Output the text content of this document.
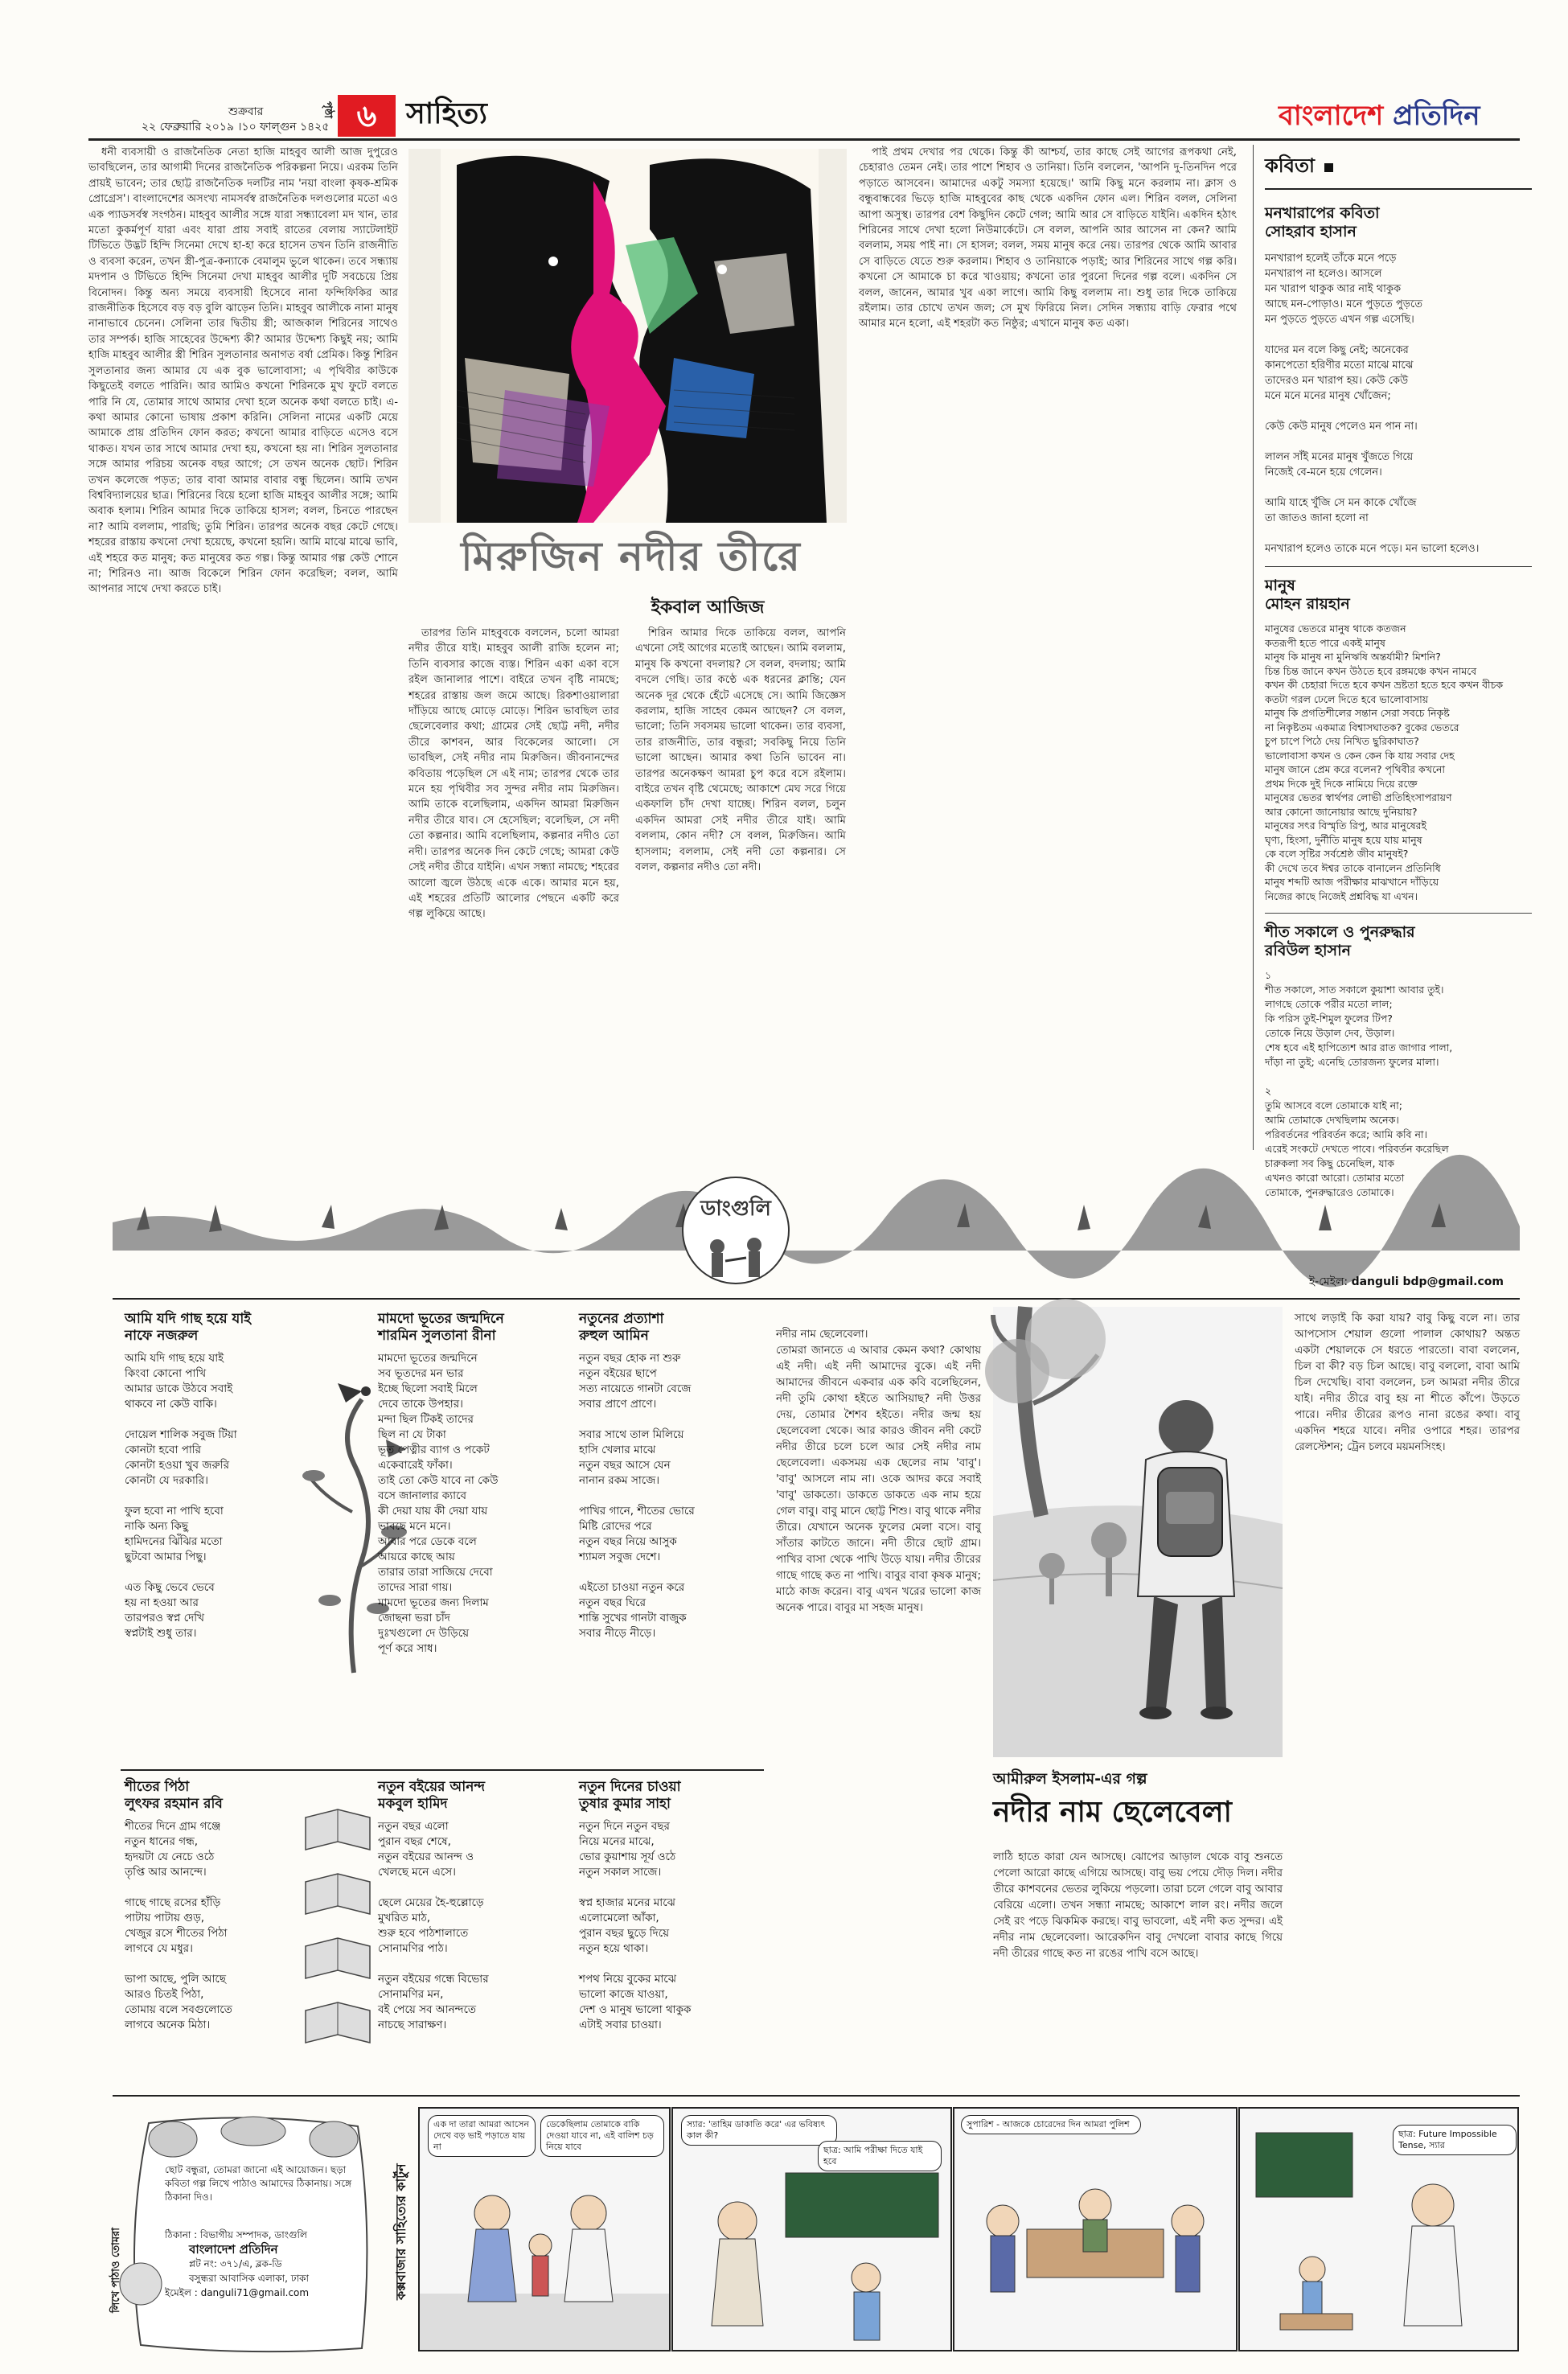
শুক্রবার
২২ ফেব্রুয়ারি ২০১৯ ।১০ ফাল্গুন ১৪২৫
পৃষ্ঠা ৬	সাহিত্য	বাংলাদেশ প্রতিদিন

ধনী ব্যবসায়ী ও রাজনৈতিক নেতা হাজি মাহবুব আলী আজ দুপুরেও ভাবছিলেন, তার আগামী দিনের রাজনৈতিক পরিকল্পনা নিয়ে। এরকম তিনি প্রায়ই ভাবেন; তার ছোট্ট রাজনৈতিক দলটির নাম 'নয়া বাংলা কৃষক-শ্রমিক প্রোগ্রেস'। বাংলাদেশের অসংখ্য নামসর্বস্ব রাজনৈতিক দলগুলোর মতো এও এক প্যাডসর্বস্ব সংগঠন। মাহবুব আলীর সঙ্গে যারা সন্ধ্যাবেলা মদ খান, তার মতো কুকর্মপূর্ণ যারা এবং যারা প্রায় সবাই রাতের বেলায় স্যাটেলাইট টিভিতে উদ্ভট হিন্দি সিনেমা দেখে হা-হা করে হাসেন তখন তিনি রাজনীতি ও ব্যবসা করেন, তখন স্ত্রী-পুত্র-কন্যাকে বেমালুম ভুলে থাকেন। তবে সন্ধ্যায় মদপান ও টিভিতে হিন্দি সিনেমা দেখা মাহবুব আলীর দুটি সবচেয়ে প্রিয় বিনোদন। কিন্তু অন্য সময়ে ব্যবসায়ী হিসেবে নানা ফন্দিফিকির আর রাজনীতিক হিসেবে বড় বড় বুলি ঝাড়েন তিনি। মাহবুব আলীকে নানা মানুষ নানাভাবে চেনেন। সেলিনা তার দ্বিতীয় স্ত্রী; আজকাল শিরিনের সাথেও তার সম্পর্ক। হাজি সাহেবের উদ্দেশ্য কী? আমার উদ্দেশ্য কিছুই নয়; আমি হাজি মাহবুব আলীর স্ত্রী শিরিন সুলতানার অনাগত বর্ষা প্রেমিক। কিন্তু শিরিন সুলতানার জন্য আমার যে এক বুক ভালোবাসা; এ পৃথিবীর কাউকে কিছুতেই বলতে পারিনি। আর আমিও কখনো শিরিনকে মুখ ফুটে বলতে পারি নি যে, তোমার সাথে আমার দেখা হলে অনেক কথা বলতে চাই। এ-কথা আমার কোনো ভাষায় প্রকাশ করিনি। সেলিনা নামের একটি মেয়ে আমাকে প্রায় প্রতিদিন ফোন করত; কখনো আমার বাড়িতে এসেও বসে থাকত। যখন তার সাথে আমার দেখা হয়, কখনো হয় না। শিরিন সুলতানার সঙ্গে আমার পরিচয় অনেক বছর আগে; সে তখন অনেক ছোট। শিরিন তখন কলেজে পড়ত; তার বাবা আমার বাবার বন্ধু ছিলেন। আমি তখন বিশ্ববিদ্যালয়ের ছাত্র। শিরিনের বিয়ে হলো হাজি মাহবুব আলীর সঙ্গে; আমি অবাক হলাম। শিরিন আমার দিকে তাকিয়ে হাসল; বলল, চিনতে পারছেন না? আমি বললাম, পারছি; তুমি শিরিন। তারপর অনেক বছর কেটে গেছে। শহরের রাস্তায় কখনো দেখা হয়েছে, কখনো হয়নি। আমি মাঝে মাঝে ভাবি, এই শহরে কত মানুষ; কত মানুষের কত গল্প। কিন্তু আমার গল্প কেউ শোনে না; শিরিনও না। আজ বিকেলে শিরিন ফোন করেছিল; বলল, আমি আপনার সাথে দেখা করতে চাই।

মিরুজিন নদীর তীরে
ইকবাল আজিজ

তারপর তিনি মাহবুবকে বললেন, চলো আমরা নদীর তীরে যাই। মাহবুব আলী রাজি হলেন না; তিনি ব্যবসার কাজে ব্যস্ত। শিরিন একা একা বসে রইল জানালার পাশে। বাইরে তখন বৃষ্টি নামছে; শহরের রাস্তায় জল জমে আছে। রিকশাওয়ালারা দাঁড়িয়ে আছে মোড়ে মোড়ে। শিরিন ভাবছিল তার ছেলেবেলার কথা; গ্রামের সেই ছোট্ট নদী, নদীর তীরে কাশবন, আর বিকেলের আলো। সে ভাবছিল, সেই নদীর নাম মিরুজিন। জীবনানন্দের কবিতায় পড়েছিল সে এই নাম; তারপর থেকে তার মনে হয় পৃথিবীর সব সুন্দর নদীর নাম মিরুজিন। আমি তাকে বলেছিলাম, একদিন আমরা মিরুজিন নদীর তীরে যাব। সে হেসেছিল; বলেছিল, সে নদী তো কল্পনার। আমি বলেছিলাম, কল্পনার নদীও তো নদী। তারপর অনেক দিন কেটে গেছে; আমরা কেউ সেই নদীর তীরে যাইনি। এখন সন্ধ্যা নামছে; শহরের আলো জ্বলে উঠছে একে একে। আমার মনে হয়, এই শহরের প্রতিটি আলোর পেছনে একটি করে গল্প লুকিয়ে আছে।

শিরিন আমার দিকে তাকিয়ে বলল, আপনি এখনো সেই আগের মতোই আছেন। আমি বললাম, মানুষ কি কখনো বদলায়? সে বলল, বদলায়; আমি বদলে গেছি। তার কণ্ঠে এক ধরনের ক্লান্তি; যেন অনেক দূর থেকে হেঁটে এসেছে সে। আমি জিজ্ঞেস করলাম, হাজি সাহেব কেমন আছেন? সে বলল, ভালো; তিনি সবসময় ভালো থাকেন। তার ব্যবসা, তার রাজনীতি, তার বন্ধুরা; সবকিছু নিয়ে তিনি ভালো আছেন। আমার কথা তিনি ভাবেন না। তারপর অনেকক্ষণ আমরা চুপ করে বসে রইলাম। বাইরে তখন বৃষ্টি থেমেছে; আকাশে মেঘ সরে গিয়ে একফালি চাঁদ দেখা যাচ্ছে। শিরিন বলল, চলুন একদিন আমরা সেই নদীর তীরে যাই। আমি বললাম, কোন নদী? সে বলল, মিরুজিন। আমি হাসলাম; বললাম, সেই নদী তো কল্পনার। সে বলল, কল্পনার নদীও তো নদী।

পাই প্রথম দেখার পর থেকে। কিন্তু কী আশ্চর্য, তার কাছে সেই আগের রূপকথা নেই, চেহারাও তেমন নেই। তার পাশে শিহাব ও তানিয়া। তিনি বললেন, 'আপনি দু-তিনদিন পরে পড়াতে আসবেন। আমাদের একটু সমস্যা হয়েছে।' আমি কিছু মনে করলাম না। ক্লাস ও বন্ধুবান্ধবের ভিড়ে হাজি মাহবুবের কাছ থেকে একদিন ফোন এল। শিরিন বলল, সেলিনা আপা অসুস্থ। তারপর বেশ কিছুদিন কেটে গেল; আমি আর সে বাড়িতে যাইনি। একদিন হঠাৎ শিরিনের সাথে দেখা হলো নিউমার্কেটে। সে বলল, আপনি আর আসেন না কেন? আমি বললাম, সময় পাই না। সে হাসল; বলল, সময় মানুষ করে নেয়। তারপর থেকে আমি আবার সে বাড়িতে যেতে শুরু করলাম। শিহাব ও তানিয়াকে পড়াই; আর শিরিনের সাথে গল্প করি। কখনো সে আমাকে চা করে খাওয়ায়; কখনো তার পুরনো দিনের গল্প বলে। একদিন সে বলল, জানেন, আমার খুব একা লাগে। আমি কিছু বললাম না। শুধু তার দিকে তাকিয়ে রইলাম। তার চোখে তখন জল; সে মুখ ফিরিয়ে নিল। সেদিন সন্ধ্যায় বাড়ি ফেরার পথে আমার মনে হলো, এই শহরটা কত নিষ্ঠুর; এখানে মানুষ কত একা।

কবিতা
মনখারাপের কবিতা
সোহরাব হাসান
মনখারাপ হলেই তাঁকে মনে পড়ে
মনখারাপ না হলেও। আসলে
মন খারাপ থাকুক আর নাই থাকুক
আছে মন-পোড়াও। মনে পুড়তে পুড়তে
মন পুড়তে পুড়তে এখন গল্প এসেছি।

যাদের মন বলে কিছু নেই; অনেকের
কানপেতো হরিণীর মতো মাঝে মাঝে
তাদেরও মন খারাপ হয়। কেউ কেউ
মনে মনে মনের মানুষ খোঁজেন;

কেউ কেউ মানুষ পেলেও মন পান না।

লালন সাঁই মনের মানুষ খুঁজতে গিয়ে
নিজেই বে-মনে হয়ে গেলেন।

আমি যাহে খুঁজি সে মন কাকে খোঁজে
তা জাতও জানা হলো না

মনখারাপ হলেও তাকে মনে পড়ে। মন ভালো হলেও।
মানুষ
মোহন রায়হান
মানুষের ভেতরে মানুষ থাকে কতজন
কতরূপী হতে পারে একই মানুষ
মানুষ কি মানুষ না মুনিঋষি অন্তর্যামী? মিশনি?
চিন্ত চিন্ত জানে কখন উঠতে হবে রঙ্গমঞ্চে কখন নামবে
কখন কী চেহারা দিতে হবে কখন ভ্রষ্টতা হতে হবে কখন বীচক
কতটা গরল ঢেলে দিতে হবে ভালোবাসায়
মানুষ কি প্রগতিশীলের সন্তান সেরা সবচে নিকৃষ্ট
না নিকৃষ্টতম একমাত্র বিশ্বাসঘাতক? বুকের ভেতরে
চুপ চাপে পিঠে দেয় নিখিত ছুরিকাঘাত?
ভালোবাসা কখন ও কেন কেন কি যায় সবার দেহ
মানুষ জানে প্রেম করে বলেন? পৃথিবীর কখনো
প্রথম দিকে দুই দিকে নামিয়ে দিয়ে রক্তে
মানুষের ভেতর স্বার্থপর লোভী প্রতিহিংসাপরায়ণ
আর কোনো জানোয়ার আছে দুনিয়ায়?
মানুষের সৎর বিস্মৃতি রিপু, আর মানুষেরই
ঘৃণ্য, হিংসা, দুর্নীতি মানুষ হয়ে যায় মানুষ
কে বলে সৃষ্টির সর্বশ্রেষ্ঠ জীব মানুষই?
কী দেখে তবে ঈশ্বর তাকে বানালেন প্রতিনিধি
মানুষ শব্দটি আজ পরীক্ষার মাঝখানে দাঁড়িয়ে
নিজের কাছে নিজেই প্রশ্নবিদ্ধ যা এখন।
শীত সকালে ও পুনরুদ্ধার
রবিউল হাসান
১
শীত সকালে, সাত সকালে কুয়াশা আবার তুই।
লাগছে তোকে পরীর মতো লাল;
কি পরিস তুই-শিমুল ফুলের টিপ?
তোকে নিয়ে উড়াল দেব, উড়াল।
শেষ হবে এই হাপিত্যেশ আর রাত জাগার পালা,
দাঁড়া না তুই; এনেছি তোরজন্য ফুলের মালা।

২
তুমি আসবে বলে তোমাকে যাই না;
আমি তোমাকে দেখছিলাম অনেক।
পরিবর্তনের পরিবর্তন করে; আমি কবি না।
এরেই সংকটে দেখতে পাবে। পরিবর্তন করেছিল
চারুকলা সব কিছু চেনেছিল, যাক
এখনও কারো আরো। তোমার মতো
তোমাকে, পুনরুদ্ধারেও তোমাকে।
ডাংগুলি
ই-মেইল: danguli bdp@gmail.com
আমি যদি গাছ হয়ে যাই
নাফে নজরুল
আমি যদি গাছ হয়ে যাই
কিংবা কোনো পাখি
আমার ডাকে উঠবে সবাই
থাকবে না কেউ বাকি।

দোয়েল শালিক সবুজ টিয়া
কোনটা হবো পারি
কোনটা হওয়া খুব জরুরি
কোনটা যে দরকারি।

ফুল হবো না পাখি হবো
নাকি অন্য কিছু
হামিদনের ঝিঁঝির মতো
ছুটবো আমার পিছু।

এত কিছু ভেবে ভেবে
হয় না হওয়া আর
তারপরও স্বপ্ন দেখি
স্বপ্নটাই শুধু তার।
মামদো ভূতের জন্মদিনে
শারমিন সুলতানা রীনা
মামদো ভূতের জন্মদিনে
সব ভূতদের মন ভার
ইচ্ছে ছিলো সবাই মিলে
দেবে তাকে উপহার।
মন্দা ছিল টিকই তাদের
ছিল না যে টাকা
ভূত পেত্নীর ব্যাগ ও পকেট
একেবারেই ফাঁকা।
তাই তো কেউ যাবে না কেউ
বসে জানালার ক্যাবে
কী দেয়া যায় কী দেয়া যায়
ভাবছে মনে মনে।
আবার পরে ডেকে বলে
আয়রে কাছে আয়
তারার তারা সাজিয়ে দেবো
তাদের সারা গায়।
মামদো ভূতের জন্য দিলাম
জোছনা ভরা চাঁদ
দুঃখগুলো দে উড়িয়ে
পূর্ণ করে সাধ।
নতুনের প্রত্যাশা
রুহুল আমিন
নতুন বছর হোক না শুরু
নতুন বইয়ের ছাপে
সত্য নায়েতে গানটা বেজে
সবার প্রাণে প্রাণে।

সবার সাথে তাল মিলিয়ে
হাসি খেলার মাঝে
নতুন বছর আসে যেন
নানান রকম সাজে।

পাখির গানে, শীতের ভোরে
মিষ্টি রোদের পরে
নতুন বছর নিয়ে আসুক
শ্যামল সবুজ দেশে।

এইতো চাওয়া নতুন করে
নতুন বছর ঘিরে
শান্তি সুখের গানটা বাজুক
সবার নীড়ে নীড়ে।
শীতের পিঠা
লুৎফর রহমান রবি
শীতের দিনে গ্রাম গঞ্জে
নতুন ধানের গন্ধ,
হৃদয়টা যে নেচে ওঠে
তৃপ্তি আর আনন্দে।

গাছে গাছে রসের হাঁড়ি
পাটায় পাটায় গুড়,
খেজুর রসে শীতের পিঠা
লাগবে যে মধুর।

ভাপা আছে, পুলি আছে
আরও চিতই পিঠা,
তোমায় বলে সবগুলোতে
লাগবে অনেক মিঠা।
নতুন বইয়ের আনন্দ
মকবুল হামিদ
নতুন বছর এলো
পুরান বছর শেষে,
নতুন বইয়ের আনন্দ ও
খেলছে মনে এসে।

ছেলে মেয়ের হৈ-হুল্লোড়ে
মুখরিত মাঠ,
শুরু হবে পাঠশালাতে
সোনামণির পাঠ।

নতুন বইয়ের গন্ধে বিভোর
সোনামণির মন,
বই পেয়ে সব আনন্দতে
নাচছে সারাক্ষণ।
নতুন দিনের চাওয়া
তুষার কুমার সাহা
নতুন দিনে নতুন বছর
নিয়ে মনের মাঝে,
ভোর কুয়াশায় সূর্য ওঠে
নতুন সকাল সাজে।

স্বপ্ন হাজার মনের মাঝে
এলোমেলো আঁকা,
পুরান বছর ছুড়ে দিয়ে
নতুন হয়ে থাকা।

শপথ নিয়ে বুকের মাঝে
ভালো কাজে যাওয়া,
দেশ ও মানুষ ভালো থাকুক
এটাই সবার চাওয়া।

নদীর নাম ছেলেবেলা।
তোমরা জানতে এ আবার কেমন কথা? কোথায় এই নদী। এই নদী আমাদের বুকে। এই নদী আমাদের জীবনে একবার এক কবি বলেছিলেন, নদী তুমি কোথা হইতে আসিয়াছ? নদী উত্তর দেয়, তোমার শৈশব হইতে। নদীর জন্ম হয় ছেলেবেলা থেকে। আর কারও জীবন নদী কেটে নদীর তীরে চলে চলে আর সেই নদীর নাম ছেলেবেলা। একসময় এক ছেলের নাম 'বাবু'। 'বাবু' আসলে নাম না। ওকে আদর করে সবাই 'বাবু' ডাকতো। ডাকতে ডাকতে এক নাম হয়ে গেল বাবু। বাবু মানে ছোট্ট শিশু। বাবু থাকে নদীর তীরে। যেখানে অনেক ফুলের মেলা বসে। বাবু সাঁতার কাটতে জানে। নদী তীরে ছোট গ্রাম। পাখির বাসা থেকে পাখি উড়ে যায়। নদীর তীরের গাছে গাছে কত না পাখি। বাবুর বাবা কৃষক মানুষ; মাঠে কাজ করেন। বাবু এখন খরের ভালো কাজ অনেক পারে। বাবুর মা সহজ মানুষ।

আমীরুল ইসলাম-এর গল্প
নদীর নাম ছেলেবেলা
লাঠি হাতে কারা যেন আসছে। ঝোপের আড়াল থেকে বাবু শুনতে পেলো আরো কাছে এগিয়ে আসছে। বাবু ভয় পেয়ে দৌড় দিল। নদীর তীরে কাশবনের ভেতর লুকিয়ে পড়লো। তারা চলে গেলে বাবু আবার বেরিয়ে এলো। তখন সন্ধ্যা নামছে; আকাশে লাল রং। নদীর জলে সেই রং পড়ে ঝিকমিক করছে। বাবু ভাবলো, এই নদী কত সুন্দর। এই নদীর নাম ছেলেবেলা। আরেকদিন বাবু দেখলো বাবার কাছে গিয়ে নদী তীরের গাছে কত না রঙের পাখি বসে আছে।
সাথে লড়াই কি করা যায়? বাবু কিছু বলে না। তার আপসোস শেয়াল গুলো পালাল কোথায়? অন্তত একটা শেয়ালকে সে ধরতে পারতো। বাবা বললেন, চিল বা কী? বড় চিল আছে। বাবু বললো, বাবা আমি চিল দেখেছি। বাবা বললেন, চল আমরা নদীর তীরে যাই। নদীর তীরে বাবু হয় না শীতে কাঁপে। উড়তে পারে। নদীর তীরের রূপও নানা রঙের কথা। বাবু একদিন শহরে যাবে। নদীর ওপারে শহর। তারপর রেলস্টেশন; ট্রেন চলবে ময়মনসিংহ।
লিখে পাঠাও তোমরা
ছোট বন্ধুরা, তোমরা জানো এই আয়োজন। ছড়া কবিতা গল্প লিখে পাঠাও আমাদের ঠিকানায়। সঙ্গে ঠিকানা দিও।
ঠিকানা : বিভাগীয় সম্পাদক, ডাংগুলি
বাংলাদেশ প্রতিদিন
প্লট নং: ৩৭১/এ, ব্লক-ডি
বসুন্ধরা আবাসিক এলাকা, ঢাকা
ইমেইল : danguli71@gmail.com	কক্সবাজার সাহিত্যের কার্টুন
এক দা তারা আমরা আসেন দেখে বড় ভাই পড়াতে যায় না
ডেকেছিলাম তোমাকে বাকি দেওয়া যাবে না, এই বালিশ চড় নিয়ে যাবে
স্যার: 'তাহিম ডাকাতি করে' এর ভবিষ্যৎ কাল কী?
ছাত্র: আমি পরীক্ষা দিতে যাই হবে
সুপারিশ - আজকে চোরেদের দিন আমরা পুলিশ
ছাত্র: Future Impossible Tense, স্যার
